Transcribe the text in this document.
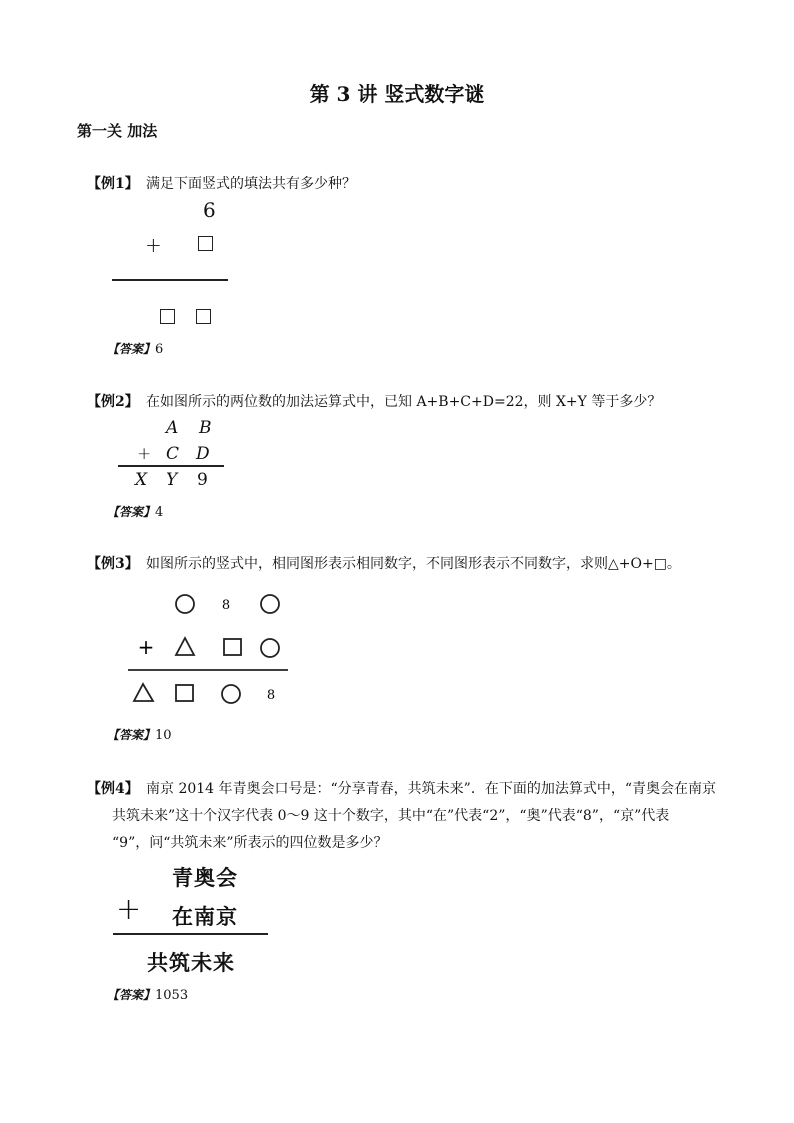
第 3 讲 竖式数字谜
第一关 加法
【例1】 满足下面竖式的填法共有多少种？
6
+
【答案】6
【例2】 在如图所示的两位数的加法运算式中，已知 A+B+C+D=22，则 X+Y 等于多少？
A B
+ C D
X Y 9
【答案】4
【例3】 如图所示的竖式中，相同图形表示相同数字，不同图形表示不同数字，求则△+O+□。
8
+
8
【答案】10
【例4】 南京 2014 年青奥会口号是：“分享青春，共筑未来”．在下面的加法算式中，“青奥会在南京
共筑未来”这十个汉字代表 0～9 这十个数字，其中“在”代表“2”，“奥”代表“8”，“京”代表
“9”，问“共筑未来”所表示的四位数是多少？
青奥会
+ 在南京
共筑未来
【答案】1053
